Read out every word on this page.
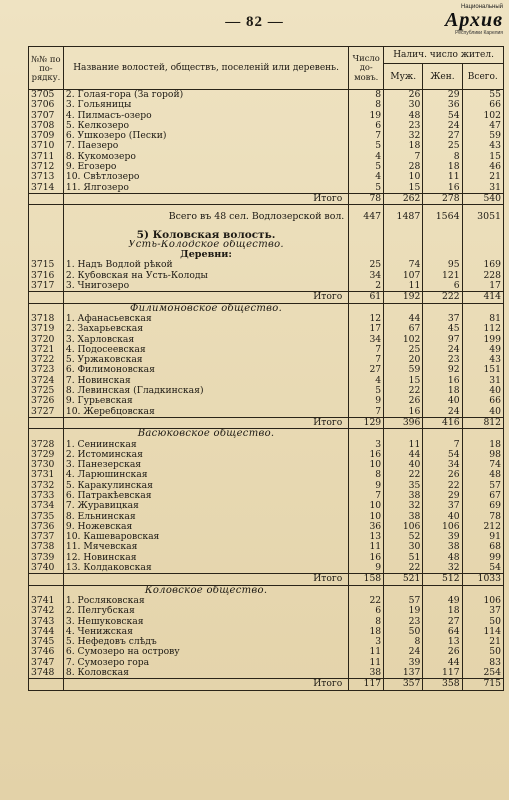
— 82 —
Национальный
Архив
Республики Карелия
№№ по по- рядку.	Название волостей, обществъ, поселеній или деревень.	Число до- мовъ.	Налич. число жител.		
			Муж.	Жен.	Всего.
3705	2. Голая-гора (За горой)	8	26	29	55
3706	3. Гольяницы	8	30	36	66
3707	4. Пилмасъ-озеро	19	48	54	102
3708	5. Келкозеро	6	23	24	47
3709	6. Ушкозеро (Пески)	7	32	27	59
3710	7. Паезеро	5	18	25	43
3711	8. Кукомозеро	4	7	8	15
3712	9. Егозеро	5	28	18	46
3713	10. Свѣтлозеро	4	10	11	21
3714	11. Ялгозеро	5	15	16	31
	Итого	78	262	278	540

	Всего въ 48 сел. Водлозерской вол.	447	1487	1564	3051

	5) Коловская волость.				
	Усть-Колодское общество.				
	Деревни:				
3715	1. Надъ Водлой рѣкой	25	74	95	169
3716	2. Кубовская на Усть-Колоды	34	107	121	228
3717	3. Чнигозеро	2	11	6	17
	Итого	61	192	222	414
	Филимоновское общество.				
3718	1. Афанасьевская	12	44	37	81
3719	2. Захарьевская	17	67	45	112
3720	3. Харловская	34	102	97	199
3721	4. Подосеевская	7	25	24	49
3722	5. Уржаковская	7	20	23	43
3723	6. Филимоновская	27	59	92	151
3724	7. Новинская	4	15	16	31
3725	8. Левинская (Гладкинская)	5	22	18	40
3726	9. Гурьевская	9	26	40	66
3727	10. Жеребцовская	7	16	24	40
	Итого	129	396	416	812
	Васюковское общество.				
3728	1. Сениинская	3	11	7	18
3729	2. Истоминская	16	44	54	98
3730	3. Панезерская	10	40	34	74
3731	4. Ларюшинская	8	22	26	48
3732	5. Каракулинская	9	35	22	57
3733	6. Патракѣевская	7	38	29	67
3734	7. Журавицкая	10	32	37	69
3735	8. Ельнинская	10	38	40	78
3736	9. Ножевская	36	106	106	212
3737	10. Кашеваровская	13	52	39	91
3738	11. Мячевская	11	30	38	68
3739	12. Новинская	16	51	48	99
3740	13. Колдаковская	9	22	32	54
	Итого	158	521	512	1033
	Коловское общество.				
3741	1. Росляковская	22	57	49	106
3742	2. Пелгубская	6	19	18	37
3743	3. Нешуковская	8	23	27	50
3744	4. Ченижская	18	50	64	114
3745	5. Нефедовъ слѣдъ	3	8	13	21
3746	6. Сумозеро на острову	11	24	26	50
3747	7. Сумозеро гора	11	39	44	83
3748	8. Коловская	38	137	117	254
	Итого	117	357	358	715
